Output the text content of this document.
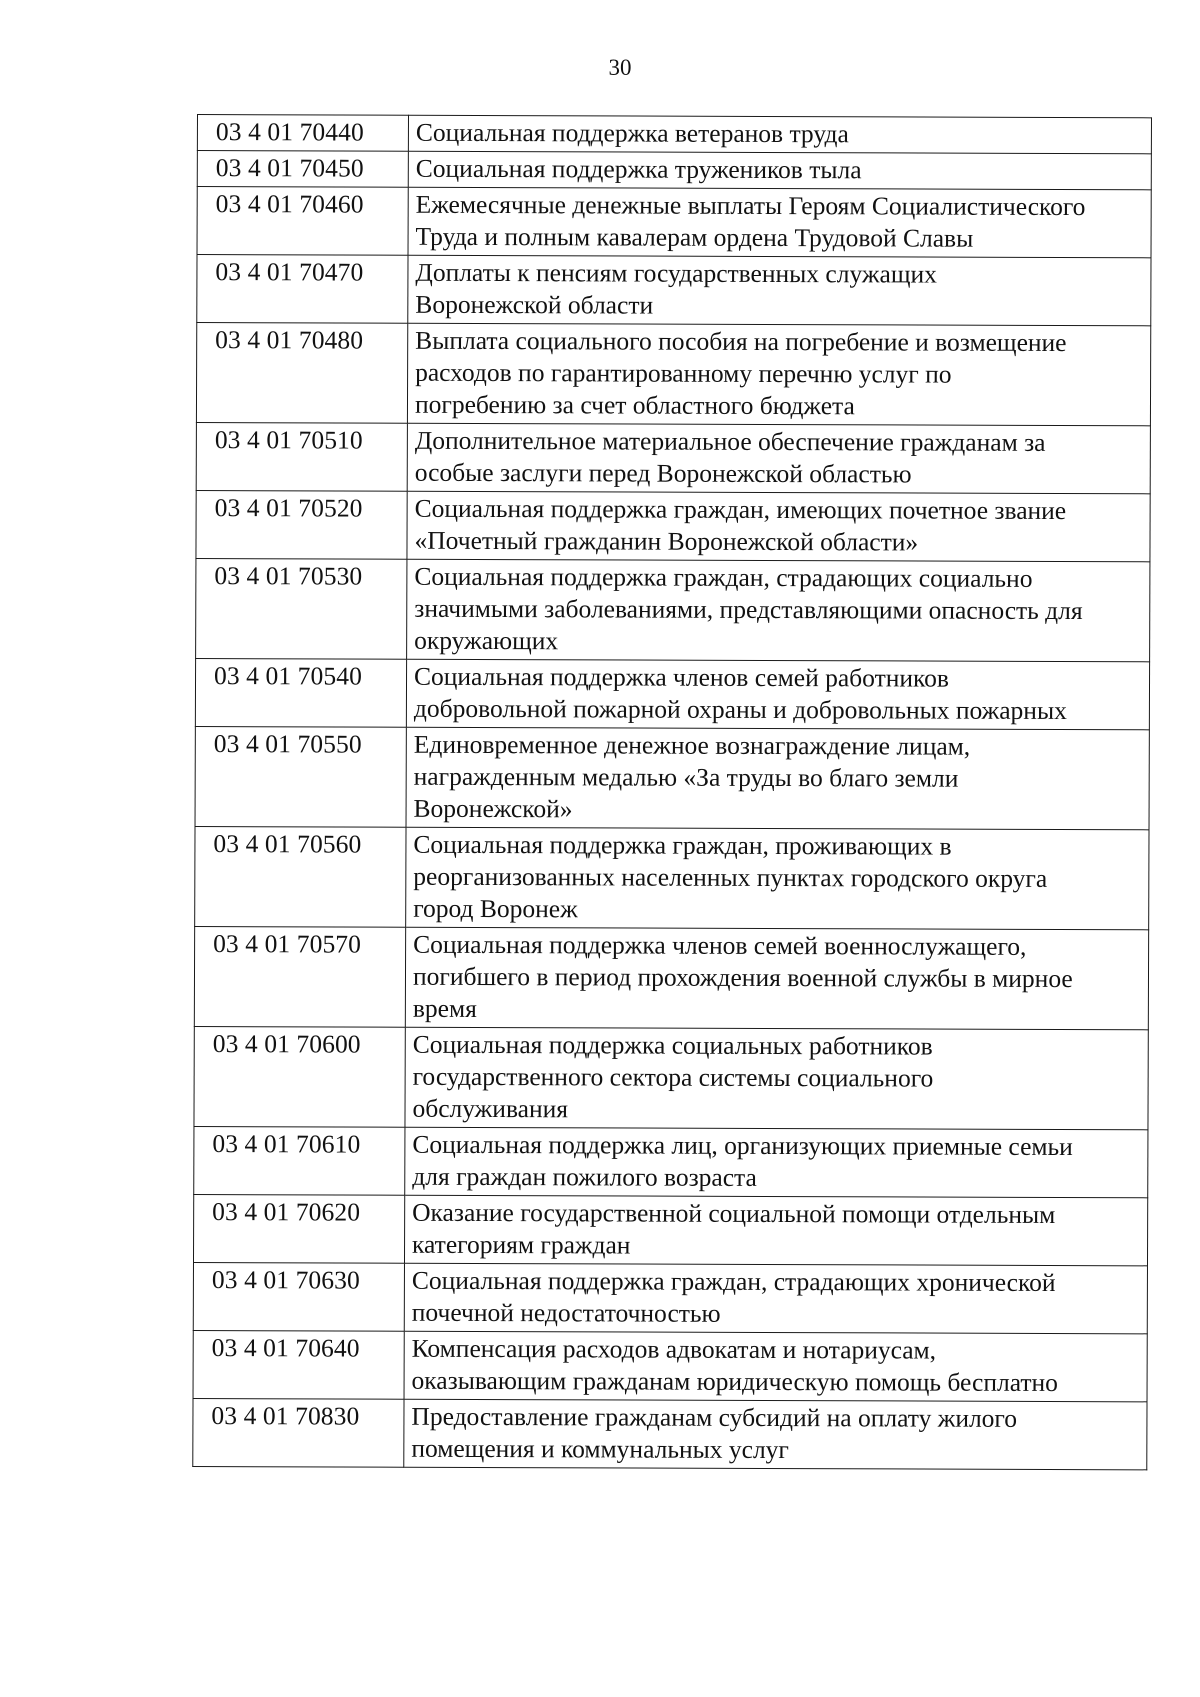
30
03 4 01 70440	Социальная поддержка ветеранов труда

03 4 01 70450	Социальная поддержка тружеников тыла

03 4 01 70460	Ежемесячные денежные выплаты Героям Социалистического
Труда и полным кавалерам ордена Трудовой Славы

03 4 01 70470	Доплаты к пенсиям государственных служащих
Воронежской области

03 4 01 70480	Выплата социального пособия на погребение и возмещение
расходов по гарантированному перечню услуг по
погребению за счет областного бюджета

03 4 01 70510	Дополнительное материальное обеспечение гражданам за
особые заслуги перед Воронежской областью

03 4 01 70520	Социальная поддержка граждан, имеющих почетное звание
«Почетный гражданин Воронежской области»

03 4 01 70530	Социальная поддержка граждан, страдающих социально
значимыми заболеваниями, представляющими опасность для
окружающих

03 4 01 70540	Социальная поддержка членов семей работников
добровольной пожарной охраны и добровольных пожарных

03 4 01 70550	Единовременное денежное вознаграждение лицам,
награжденным медалью «За труды во благо земли
Воронежской»

03 4 01 70560	Социальная поддержка граждан, проживающих в
реорганизованных населенных пунктах городского округа
город Воронеж

03 4 01 70570	Социальная поддержка членов семей военнослужащего,
погибшего в период прохождения военной службы в мирное
время

03 4 01 70600	Социальная поддержка социальных работников
государственного сектора системы социального
обслуживания

03 4 01 70610	Социальная поддержка лиц, организующих приемные семьи
для граждан пожилого возраста

03 4 01 70620	Оказание государственной социальной помощи отдельным
категориям граждан

03 4 01 70630	Социальная поддержка граждан, страдающих хронической
почечной недостаточностью

03 4 01 70640	Компенсация расходов адвокатам и нотариусам,
оказывающим гражданам юридическую помощь бесплатно

03 4 01 70830	Предоставление гражданам субсидий на оплату жилого
помещения и коммунальных услуг
